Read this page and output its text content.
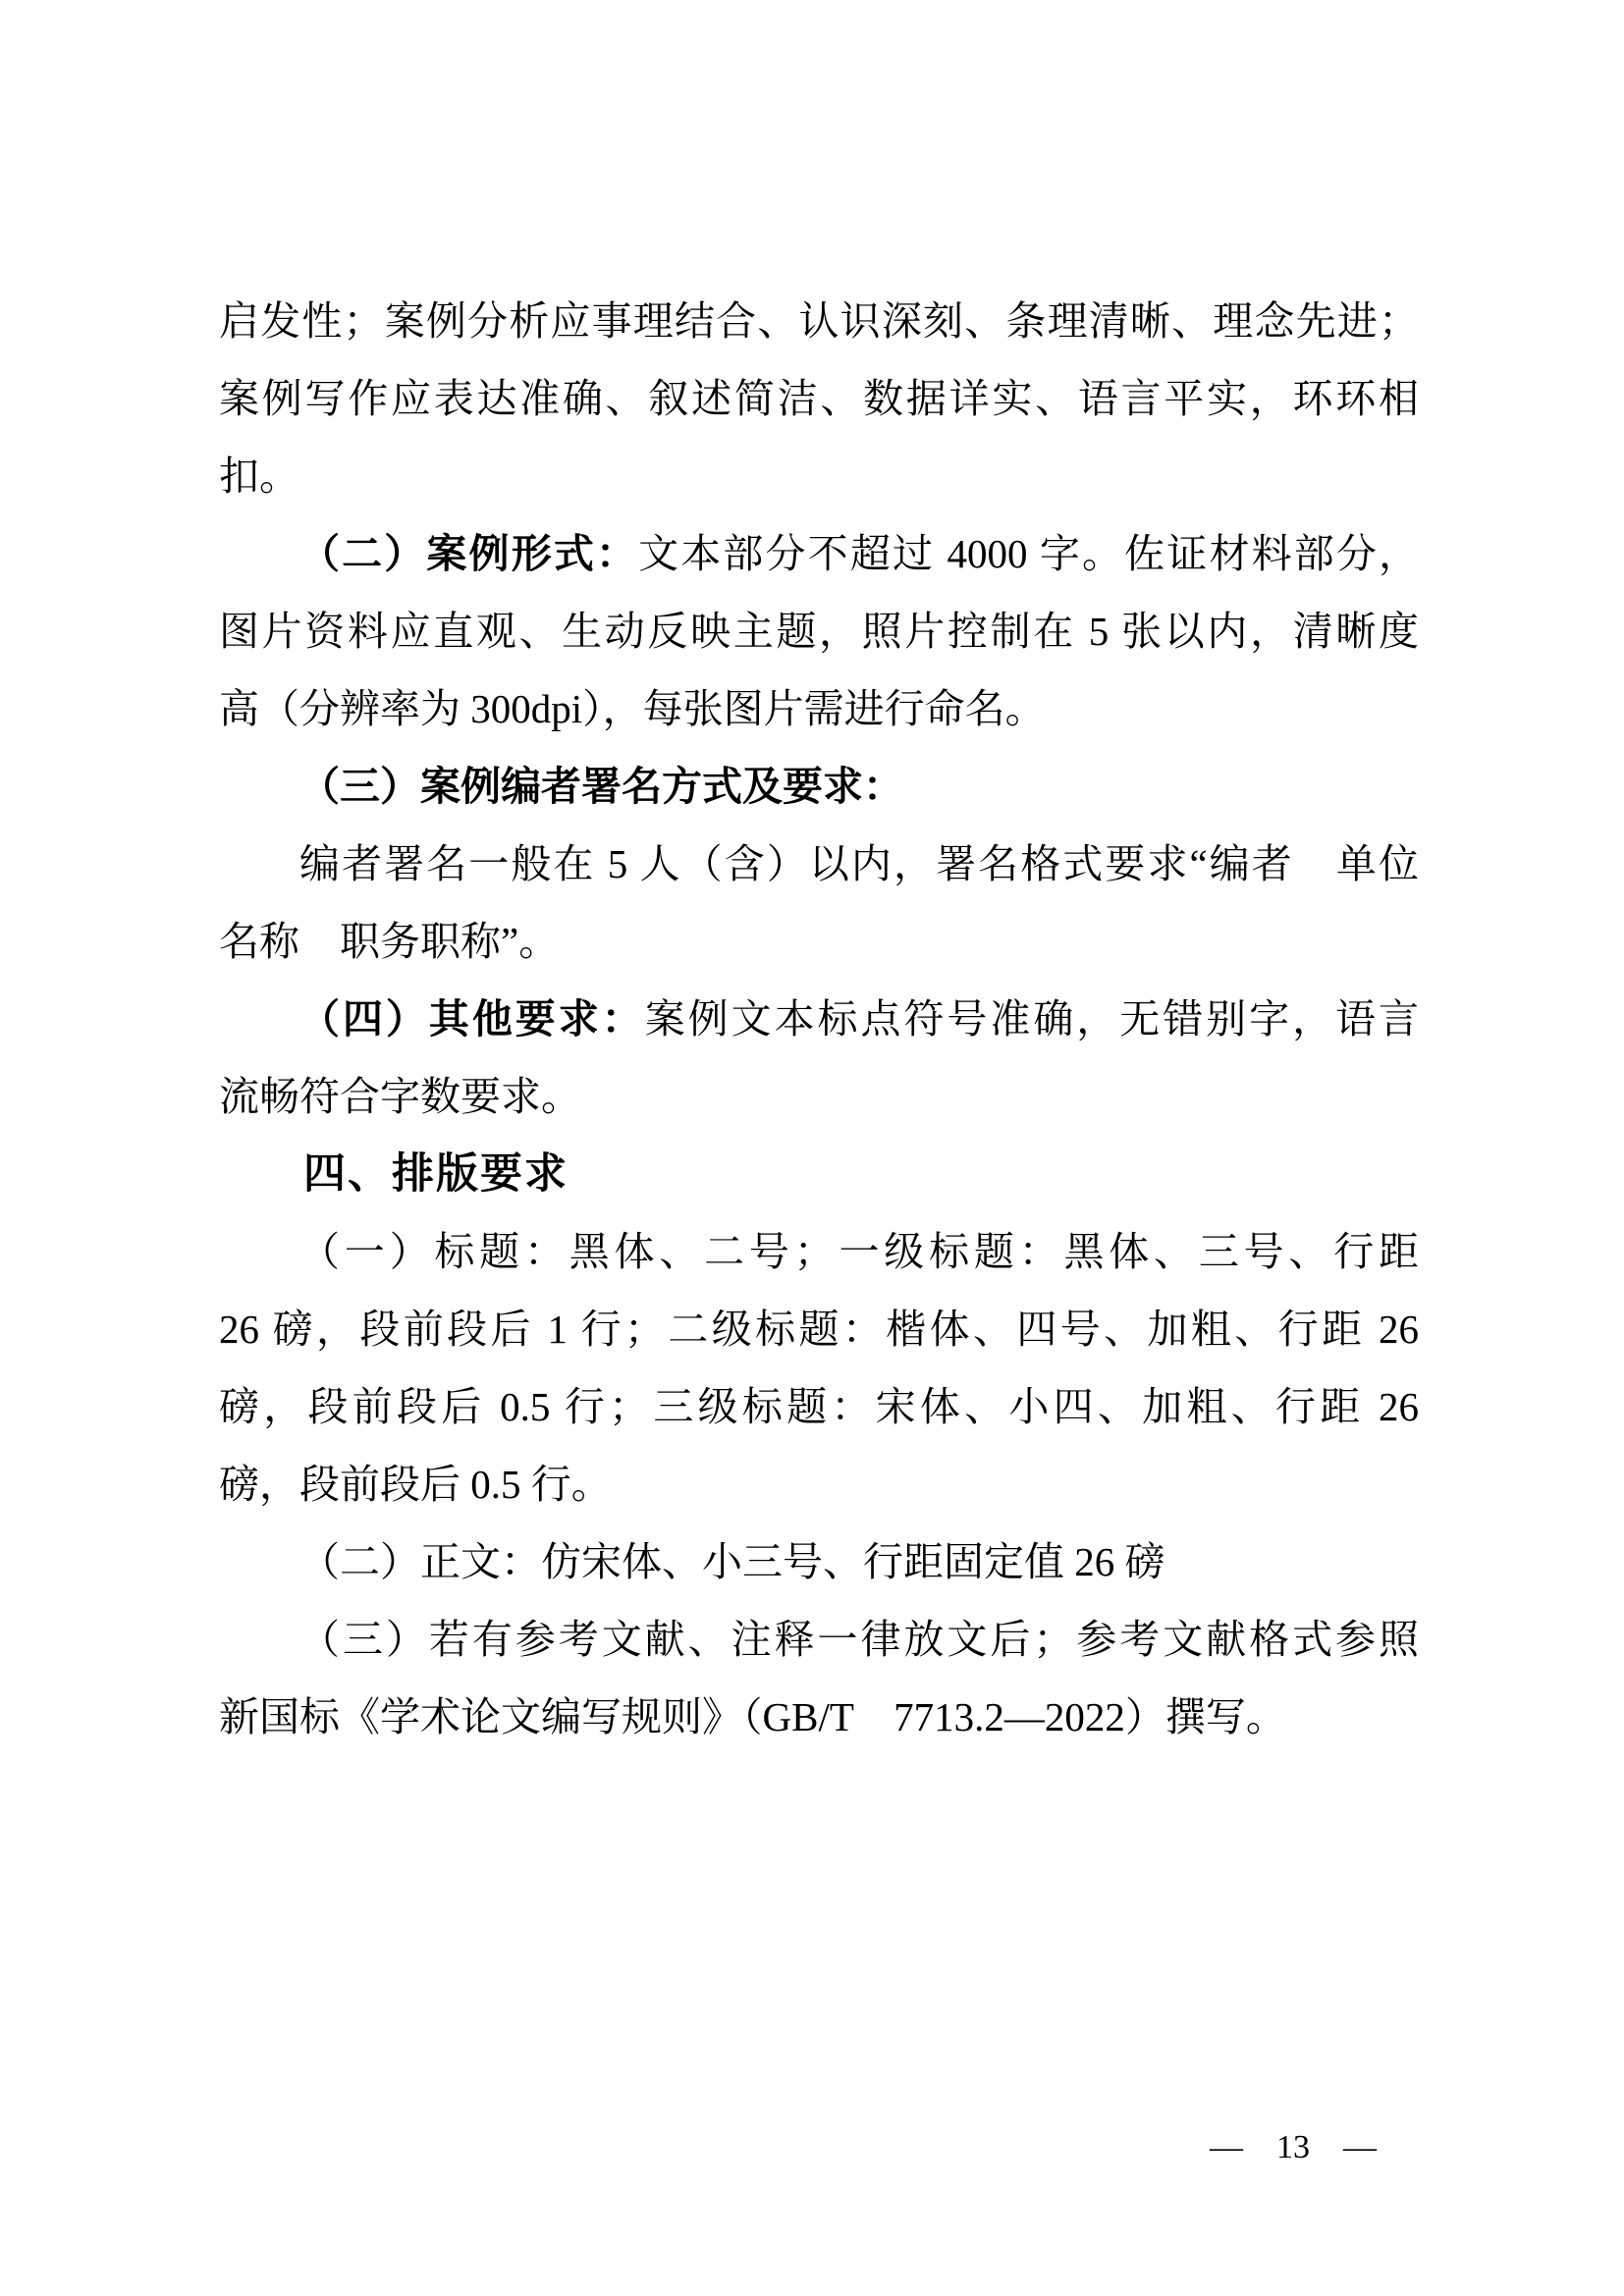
启发性；案例分析应事理结合、认识深刻、条理清晰、理念先进；
案例写作应表达准确、叙述简洁、数据详实、语言平实，环环相
扣。
（二）案例形式：文本部分不超过 4000 字。佐证材料部分，
图片资料应直观、生动反映主题，照片控制在 5 张以内，清晰度
高（分辨率为 300dpi），每张图片需进行命名。
（三）案例编者署名方式及要求：
编者署名一般在 5 人（含）以内，署名格式要求“编者　单位
名称　职务职称”。
（四）其他要求：案例文本标点符号准确，无错别字，语言
流畅符合字数要求。
四、排版要求
（一）标题：黑体、二号；一级标题：黑体、三号、行距
26 磅，段前段后 1 行；二级标题：楷体、四号、加粗、行距 26
磅，段前段后 0.5 行；三级标题：宋体、小四、加粗、行距 26
磅，段前段后 0.5 行。
（二）正文：仿宋体、小三号、行距固定值 26 磅
（三）若有参考文献、注释一律放文后；参考文献格式参照
新国标《学术论文编写规则》（GB/T　7713.2—2022）撰写。
— 13 —
